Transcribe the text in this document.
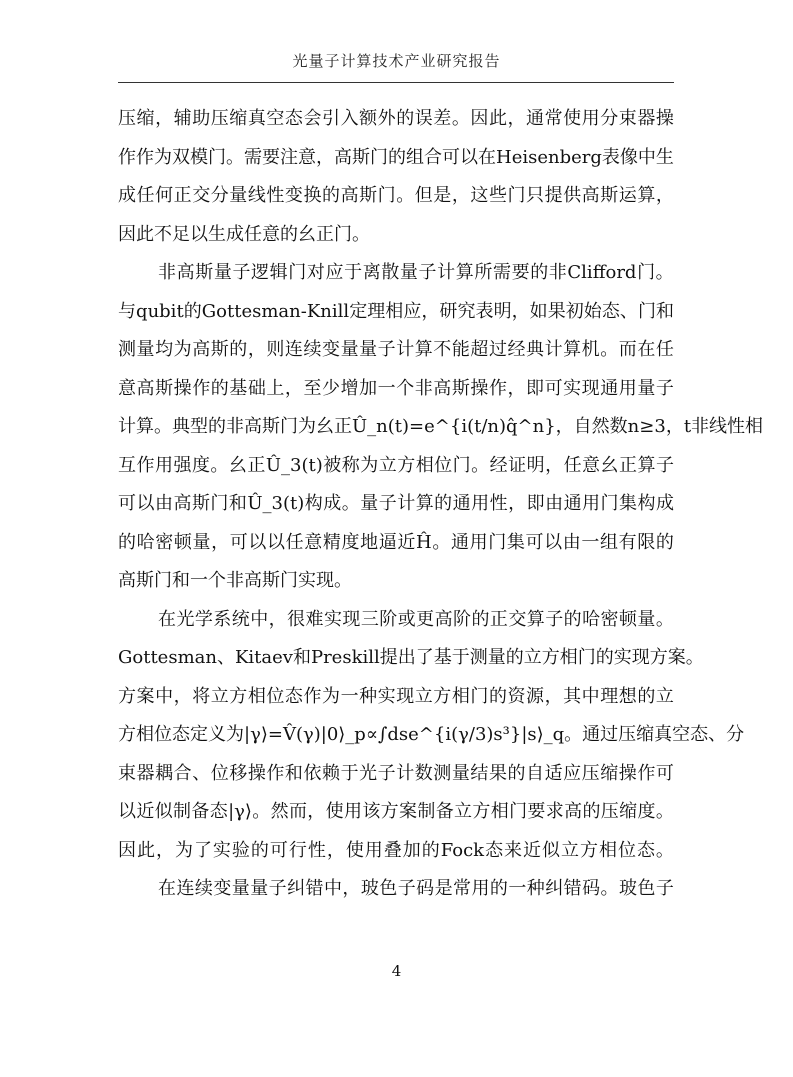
光量子计算技术产业研究报告
压 缩 ， 辅 助 压 缩 真 空 态 会 引 入 额 外 的 误 差 。 因 此 ， 通 常 使 用 分 束 器 操
作 作 为 双 模 门 。 需 要 注 意 ， 高 斯 门 的 组 合 可 以 在 Heisenberg 表 像 中 生
成 任 何 正 交 分 量 线 性 变 换 的 高 斯 门 。 但 是 ， 这 些 门 只 提 供 高 斯 运 算 ，
因此不足以生成任意的幺正门。
非 高 斯 量 子 逻 辑 门 对 应 于 离 散 量 子 计 算 所 需 要 的 非 Clifford 门 。
与 qubit 的 Gottesman-Knill 定 理 相 应 ， 研 究 表 明 ， 如 果 初 始 态 、 门 和
测 量 均 为 高 斯 的 ， 则 连 续 变 量 量 子 计 算 不 能 超 过 经 典 计 算 机 。 而 在 任
意 高 斯 操 作 的 基 础 上 ， 至 少 增 加 一 个 非 高 斯 操 作 ， 即 可 实 现 通 用 量 子
计 算 。 典 型 的 非 高 斯 门 为 幺 正 Û_n(t) = e^{i(t/n)q̂^n} ， 自 然 数 n≥3 ， t 非 线 性 相
互 作 用 强 度 。 幺 正 Û_3(t) 被 称 为 立 方 相 位 门 。 经 证 明 ， 任 意 幺 正 算 子
可 以 由 高 斯 门 和 Û_3(t) 构 成 。 量 子 计 算 的 通 用 性 ， 即 由 通 用 门 集 构 成
的 哈 密 顿 量 ， 可 以 以 任 意 精 度 地 逼 近 Ĥ 。 通 用 门 集 可 以 由 一 组 有 限 的
高斯门和一个非高斯门实现。
在 光 学 系 统 中 ， 很 难 实 现 三 阶 或 更 高 阶 的 正 交 算 子 的 哈 密 顿 量 。
Gottesman 、 Kitaev 和 Preskill 提 出 了 基 于 测 量 的 立 方 相 门 的 实 现 方 案 。
方 案 中 ， 将 立 方 相 位 态 作 为 一 种 实 现 立 方 相 门 的 资 源 ， 其 中 理 想 的 立
方 相 位 态 定 义 为 |γ⟩ = V̂(γ)|0⟩_p ∝ ∫ds e^{i(γ/3)s³}|s⟩_q 。 通 过 压 缩 真 空 态 、 分
束 器 耦 合 、 位 移 操 作 和 依 赖 于 光 子 计 数 测 量 结 果 的 自 适 应 压 缩 操 作 可
以 近 似 制 备 态 |γ⟩ 。 然 而 ， 使 用 该 方 案 制 备 立 方 相 门 要 求 高 的 压 缩 度 。
因 此 ， 为 了 实 验 的 可 行 性 ， 使 用 叠 加 的 Fock 态 来 近 似 立 方 相 位 态 。
在 连 续 变 量 量 子 纠 错 中 ， 玻 色 子 码 是 常 用 的 一 种 纠 错 码 。 玻 色 子
4
